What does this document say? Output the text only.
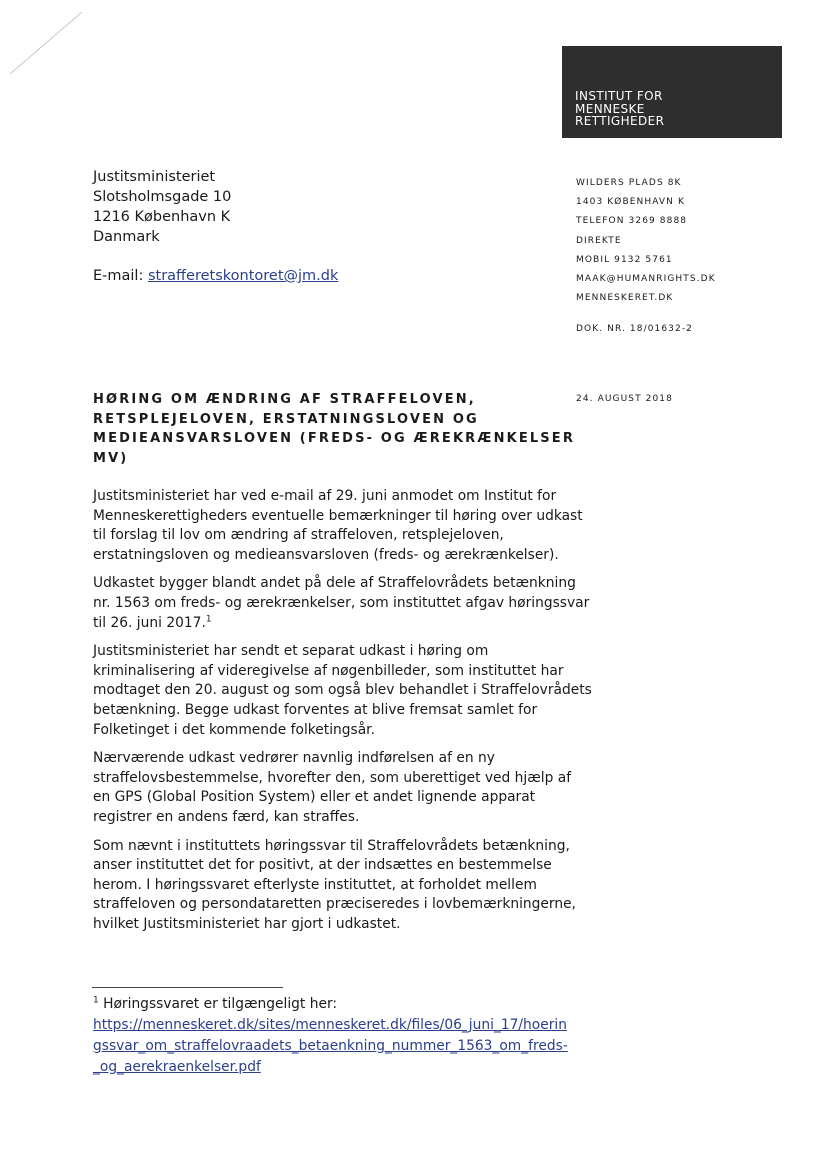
INSTITUT FOR
MENNESKE
RETTIGHEDER
Justitsministeriet
Slotsholmsgade 10
1216 København K
Danmark
E-mail: strafferetskontoret@jm.dk
WILDERS PLADS 8K
1403 KØBENHAVN K
TELEFON 3269 8888
DIREKTE
MOBIL 9132 5761
MAAK@HUMANRIGHTS.DK
MENNESKERET.DK
DOK. NR. 18/01632-2
24. AUGUST 2018
HØRING OM ÆNDRING AF STRAFFELOVEN,
RETSPLEJELOVEN, ERSTATNINGSLOVEN OG
MEDIEANSVARSLOVEN (FREDS- OG ÆREKRÆNKELSER
MV)

Justitsministeriet har ved e-mail af 29. juni anmodet om Institut for
Menneskerettigheders eventuelle bemærkninger til høring over udkast
til forslag til lov om ændring af straffeloven, retsplejeloven,
erstatningsloven og medieansvarsloven (freds- og ærekrænkelser).

Udkastet bygger blandt andet på dele af Straffelovrådets betænkning
nr. 1563 om freds- og ærekrænkelser, som instituttet afgav høringssvar
til 26. juni 2017.$^1$

Justitsministeriet har sendt et separat udkast i høring om
kriminalisering af videregivelse af nøgenbilleder, som instituttet har
modtaget den 20. august og som også blev behandlet i Straffelovrådets
betænkning. Begge udkast forventes at blive fremsat samlet for
Folketinget i det kommende folketingsår.

Nærværende udkast vedrører navnlig indførelsen af en ny
straffelovsbestemmelse, hvorefter den, som uberettiget ved hjælp af
en GPS (Global Position System) eller et andet lignende apparat
registrer en andens færd, kan straffes.

Som nævnt i instituttets høringssvar til Straffelovrådets betænkning,
anser instituttet det for positivt, at der indsættes en bestemmelse
herom. I høringssvaret efterlyste instituttet, at forholdet mellem
straffeloven og persondataretten præciseredes i lovbemærkningerne,
hvilket Justitsministeriet har gjort i udkastet.

$^1$ Høringssvaret er tilgængeligt her:
https://menneskeret.dk/sites/menneskeret.dk/files/06_juni_17/hoerin
gssvar_om_straffelovraadets_betaenkning_nummer_1563_om_freds-
_og_aerekraenkelser.pdf
